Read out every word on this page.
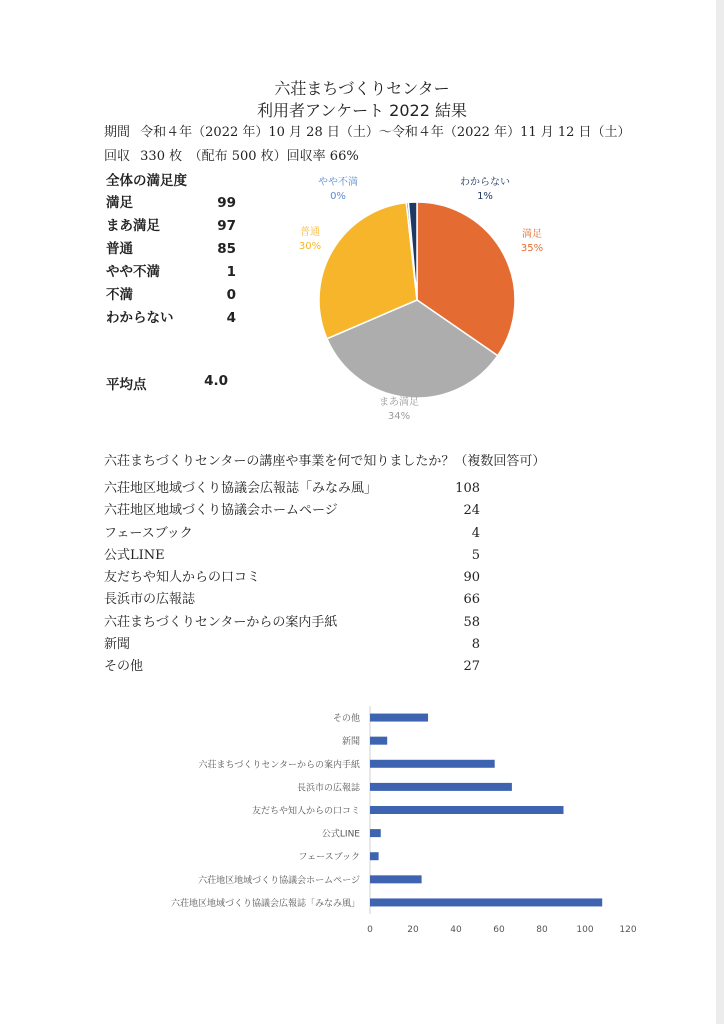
六荘まちづくりセンター
利用者アンケート 2022 結果
期間 令和４年（2022 年）10 月 28 日（土）～令和４年（2022 年）11 月 12 日（土）
回収 330 枚　（配布 500 枚）回収率 66%
全体の満足度
満足	99
まあ満足	97
普通	85
やや不満	1
不満	0
わからない	4
平均点	4.0
満足
35%
まあ満足
34%
普通
30%
やや不満
0%
わからない
1%
六荘まちづくりセンターの講座や事業を何で知りましたか？（複数回答可）
六荘地区地域づくり協議会広報誌「みなみ風」	108
六荘地区地域づくり協議会ホームページ	24
フェースブック	4
公式LINE	5
友だちや知人からの口コミ	90
長浜市の広報誌	66
六荘まちづくりセンターからの案内手紙	58
新聞	8
その他	27
六荘地区地域づくり協議会広報誌「みなみ風」
六荘地区地域づくり協議会ホームページ
フェースブック
公式LINE
友だちや知人からの口コミ
長浜市の広報誌
六荘まちづくりセンターからの案内手紙
新聞
その他
0	20	40	60	80	100	120
